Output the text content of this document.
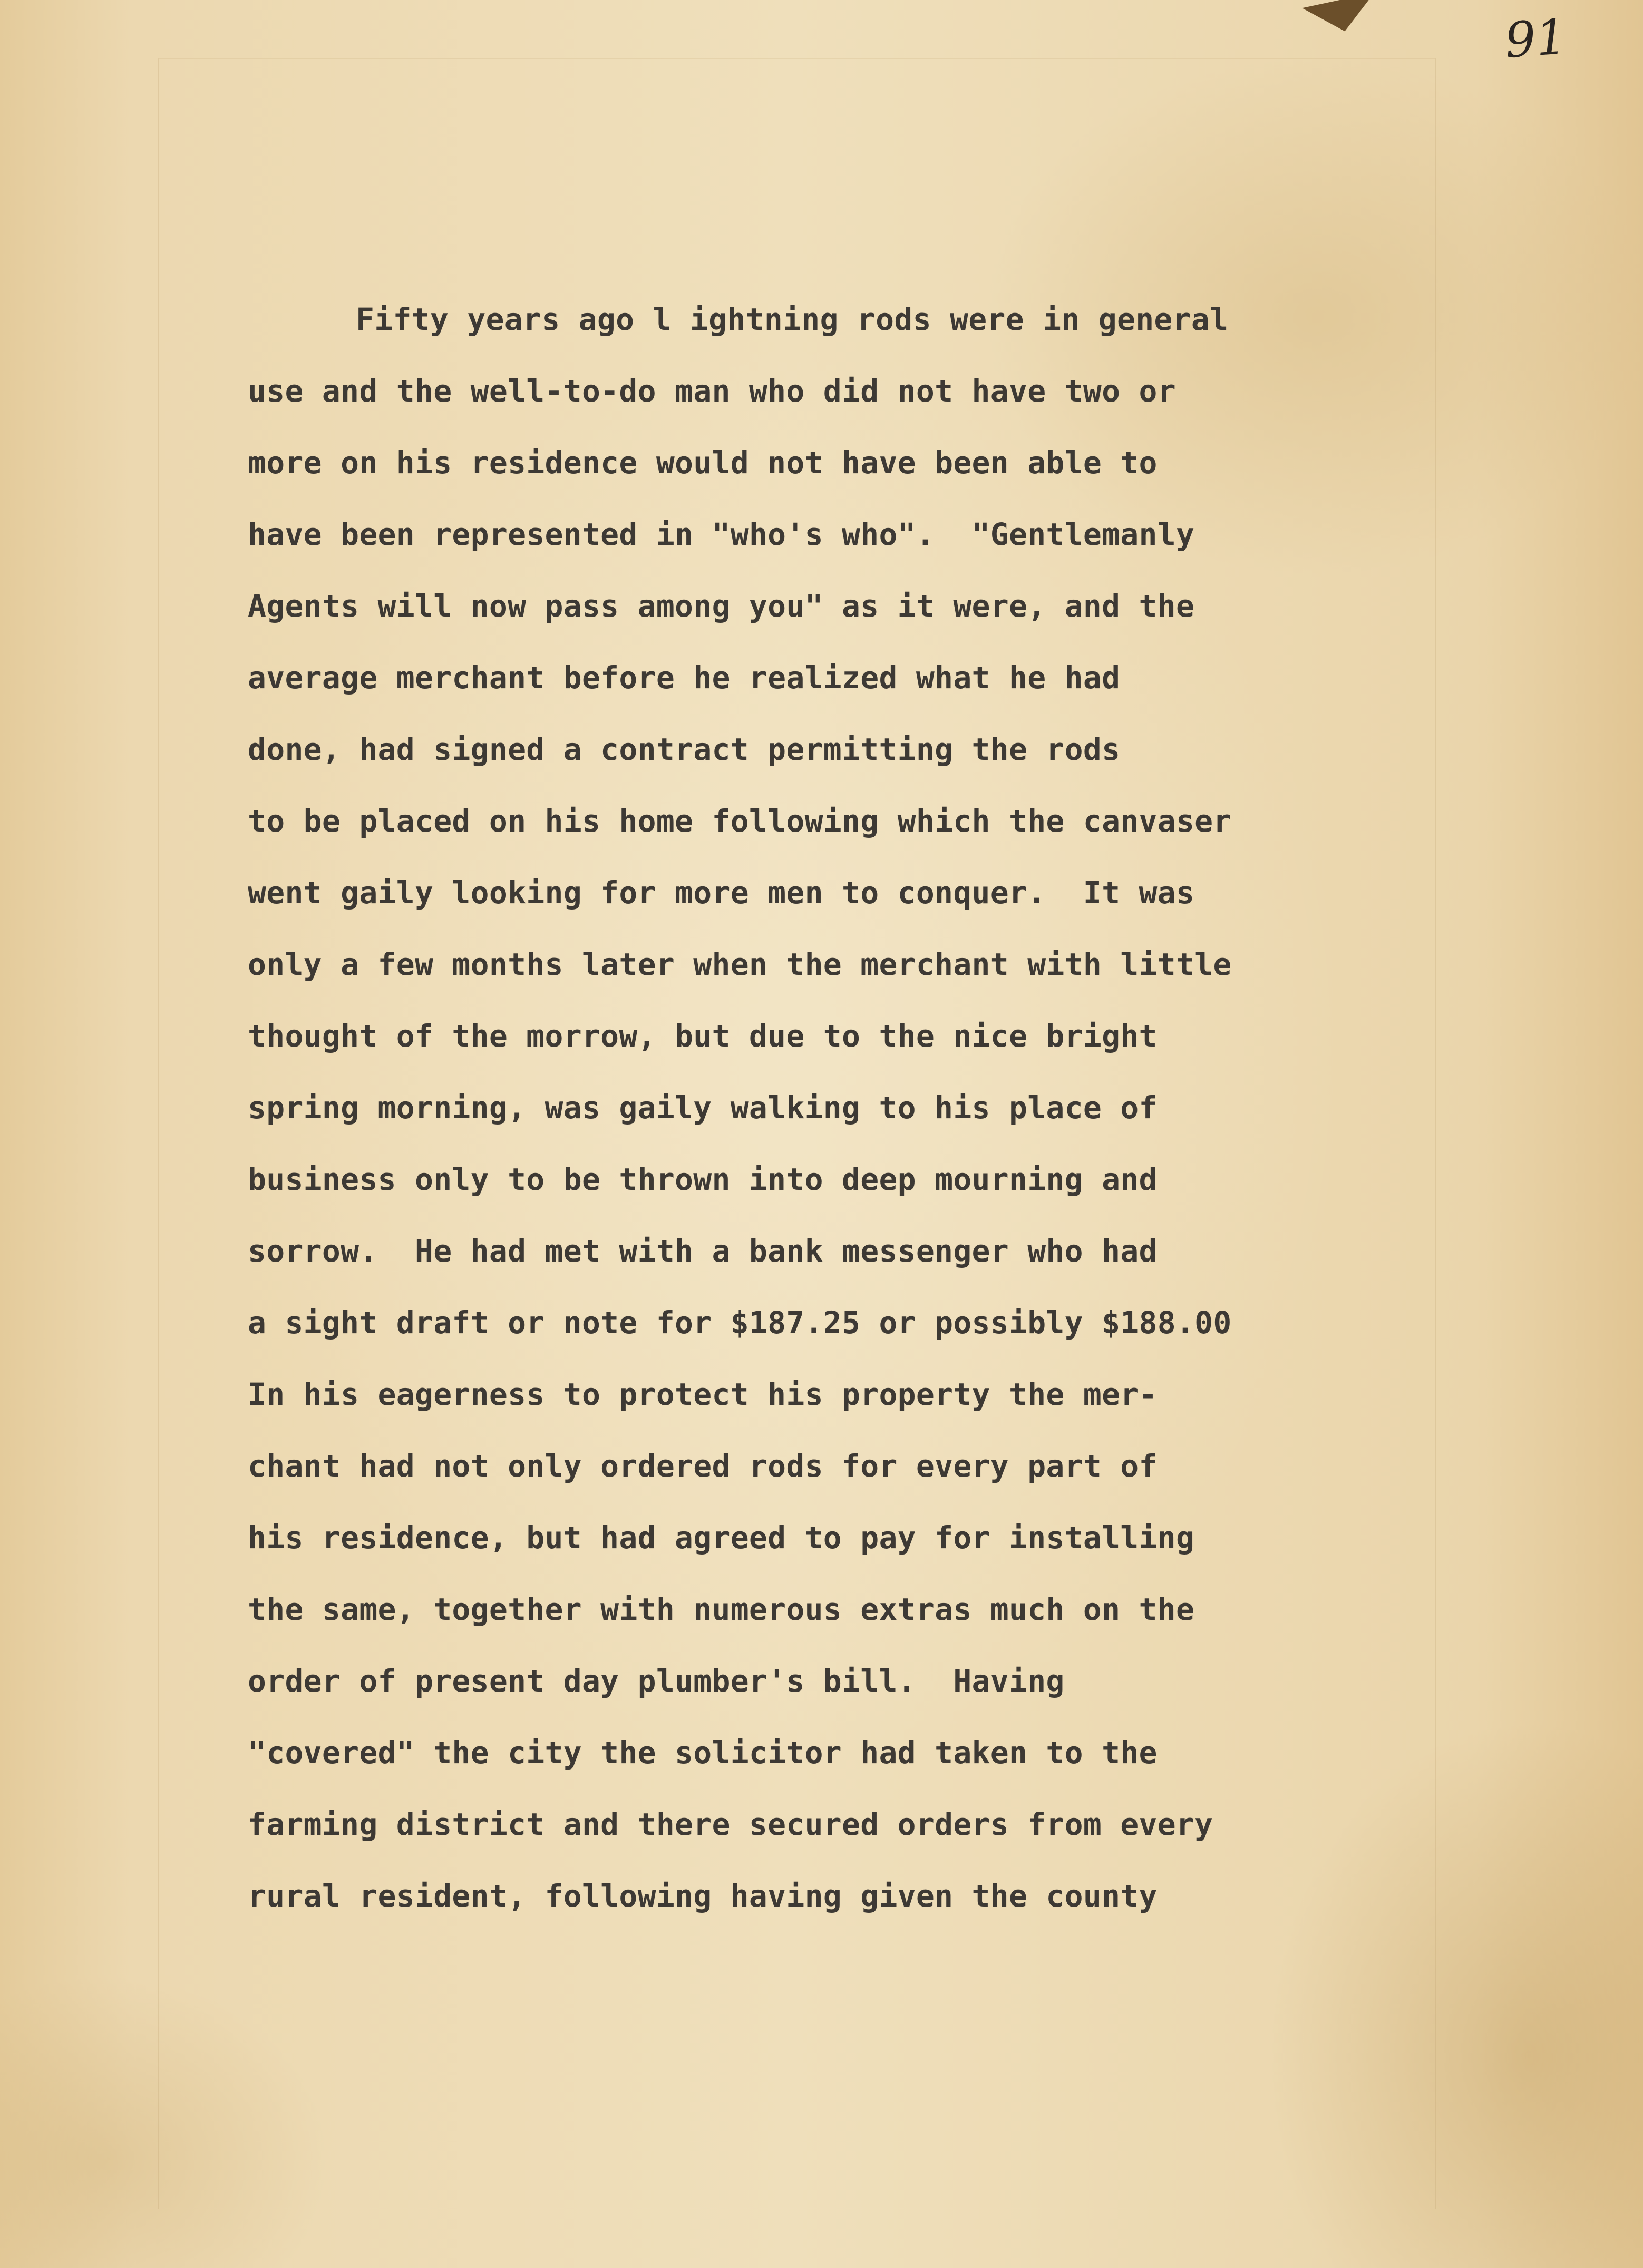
91
Fifty years ago l ightning rods were in general
use and the well-to-do man who did not have two or
more on his residence would not have been able to
have been represented in "who's who".  "Gentlemanly
Agents will now pass among you" as it were, and the
average merchant before he realized what he had
done, had signed a contract permitting the rods
to be placed on his home following which the canvaser
went gaily looking for more men to conquer.  It was
only a few months later when the merchant with little
thought of the morrow, but due to the nice bright
spring morning, was gaily walking to his place of
business only to be thrown into deep mourning and
sorrow.  He had met with a bank messenger who had
a sight draft or note for $187.25 or possibly $188.00
In his eagerness to protect his property the mer-
chant had not only ordered rods for every part of
his residence, but had agreed to pay for installing
the same, together with numerous extras much on the
order of present day plumber's bill.  Having
"covered" the city the solicitor had taken to the
farming district and there secured orders from every
rural resident, following having given the county
